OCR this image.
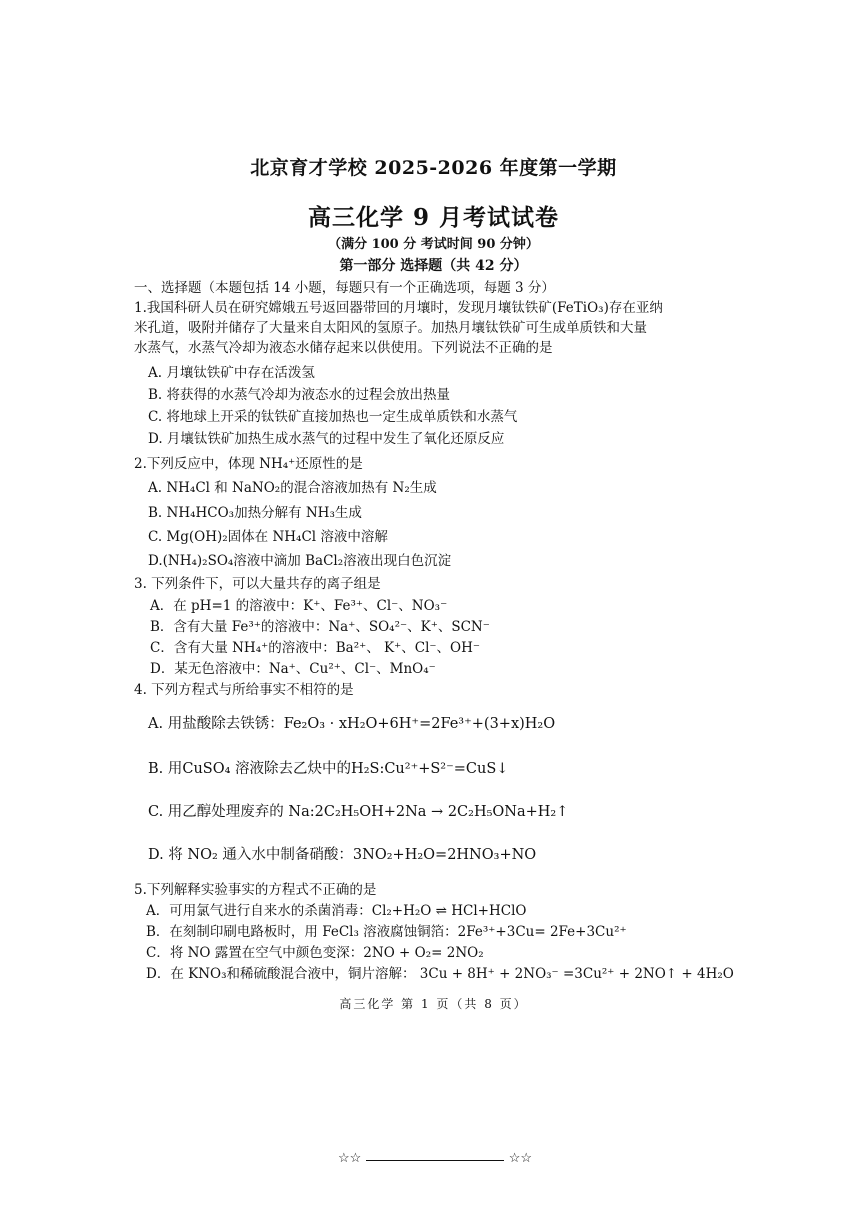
北京育才学校 2025-2026 年度第一学期
高三化学 9 月考试试卷
（满分 100 分 考试时间 90 分钟）
第一部分 选择题（共 42 分）
一、选择题（本题包括 14 小题，每题只有一个正确选项，每题 3 分）
1.我国科研人员在研究嫦娥五号返回器带回的月壤时，发现月壤钛铁矿(FeTiO₃)存在亚纳
米孔道，吸附并储存了大量来自太阳风的氢原子。加热月壤钛铁矿可生成单质铁和大量
水蒸气，水蒸气冷却为液态水储存起来以供使用。下列说法不正确的是
A. 月壤钛铁矿中存在活泼氢
B. 将获得的水蒸气冷却为液态水的过程会放出热量
C. 将地球上开采的钛铁矿直接加热也一定生成单质铁和水蒸气
D. 月壤钛铁矿加热生成水蒸气的过程中发生了氧化还原反应
2.下列反应中，体现 NH₄⁺还原性的是
A. NH₄Cl 和 NaNO₂的混合溶液加热有 N₂生成
B. NH₄HCO₃加热分解有 NH₃生成
C. Mg(OH)₂固体在 NH₄Cl 溶液中溶解
D.(NH₄)₂SO₄溶液中滴加 BaCl₂溶液出现白色沉淀
3. 下列条件下，可以大量共存的离子组是
A．在 pH=1 的溶液中：K⁺、Fe³⁺、Cl⁻、NO₃⁻
B．含有大量 Fe³⁺的溶液中：Na⁺、SO₄²⁻、K⁺、SCN⁻
C．含有大量 NH₄⁺的溶液中：Ba²⁺、 K⁺、Cl⁻、OH⁻
D．某无色溶液中：Na⁺、Cu²⁺、Cl⁻、MnO₄⁻
4. 下列方程式与所给事实不相符的是
A. 用盐酸除去铁锈：Fe₂O₃ · xH₂O+6H⁺=2Fe³⁺+(3+x)H₂O
B. 用CuSO₄ 溶液除去乙炔中的H₂S:Cu²⁺+S²⁻=CuS↓
C. 用乙醇处理废弃的 Na:2C₂H₅OH+2Na → 2C₂H₅ONa+H₂↑
D. 将 NO₂ 通入水中制备硝酸：3NO₂+H₂O=2HNO₃+NO
5.下列解释实验事实的方程式不正确的是
A．可用氯气进行自来水的杀菌消毒：Cl₂+H₂O ⇌ HCl+HClO
B．在刻制印刷电路板时，用 FeCl₃ 溶液腐蚀铜箔：2Fe³⁺+3Cu= 2Fe+3Cu²⁺
C．将 NO 露置在空气中颜色变深：2NO + O₂= 2NO₂
D．在 KNO₃和稀硫酸混合液中，铜片溶解： 3Cu + 8H⁺ + 2NO₃⁻ =3Cu²⁺ + 2NO↑ + 4H₂O
高三化学 第 1 页（共 8 页）
☆☆	☆☆
